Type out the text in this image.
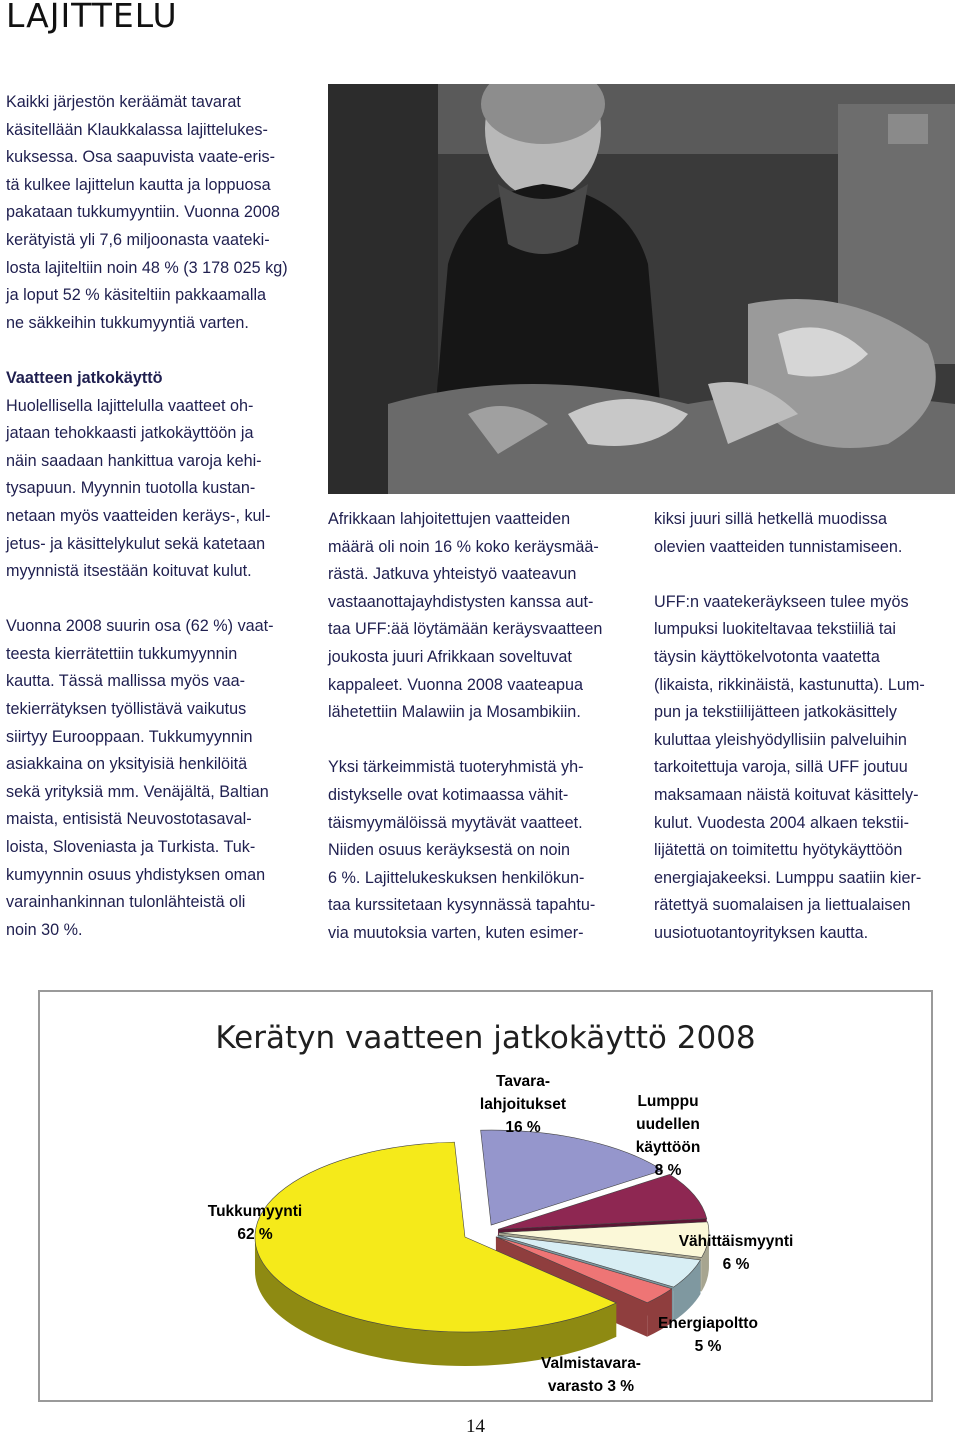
LAJITTELU
Kaikki järjestön keräämät tavarat
käsitellään Klaukkalassa lajittelukes-
kuksessa. Osa saapuvista vaate-eris-
tä kulkee lajittelun kautta ja loppuosa
pakataan tukkumyyntiin. Vuonna 2008
kerätyistä yli 7,6 miljoonasta vaateki-
losta lajiteltiin noin 48 % (3 178 025 kg)
ja loput 52 % käsiteltiin pakkaamalla
ne säkkeihin tukkumyyntiä varten.
Vaatteen jatkokäyttö
Huolellisella lajittelulla vaatteet oh-
jataan tehokkaasti jatkokäyttöön ja
näin saadaan hankittua varoja kehi-
tysapuun. Myynnin tuotolla kustan-
netaan myös vaatteiden keräys-, kul-
jetus- ja käsittelykulut sekä katetaan
myynnistä itsestään koituvat kulut.
Vuonna 2008 suurin osa (62 %) vaat-
teesta kierrätettiin tukkumyynnin
kautta. Tässä mallissa myös vaa-
tekierrätyksen työllistävä vaikutus
siirtyy Eurooppaan. Tukkumyynnin
asiakkaina on yksityisiä henkilöitä
sekä yrityksiä mm. Venäjältä, Baltian
maista, entisistä Neuvostotasaval-
loista, Sloveniasta ja Turkista. Tuk-
kumyynnin osuus yhdistyksen oman
varainhankinnan tulonlähteistä oli
noin 30 %.
Afrikkaan lahjoitettujen vaatteiden
määrä oli noin 16 % koko keräysmää-
rästä. Jatkuva yhteistyö vaateavun
vastaanottajayhdistysten kanssa aut-
taa UFF:ää löytämään keräysvaatteen
joukosta juuri Afrikkaan soveltuvat
kappaleet. Vuonna 2008 vaateapua
lähetettiin Malawiin ja Mosambikiin.
Yksi tärkeimmistä tuoteryhmistä yh-
distykselle ovat kotimaassa vähit-
täismyymälöissä myytävät vaatteet.
Niiden osuus keräyksestä on noin
6 %. Lajittelukeskuksen henkilökun-
taa kurssitetaan kysynnässä tapahtu-
via muutoksia varten, kuten esimer-
kiksi juuri sillä hetkellä muodissa
olevien vaatteiden tunnistamiseen.
UFF:n vaatekeräykseen tulee myös
lumpuksi luokiteltavaa tekstiiliä tai
täysin käyttökelvotonta vaatetta
(likaista, rikkinäistä, kastunutta). Lum-
pun ja tekstiilijätteen jatkokäsittely
kuluttaa yleishyödyllisiin palveluihin
tarkoitettuja varoja, sillä UFF joutuu
maksamaan näistä koituvat käsittely-
kulut. Vuodesta 2004 alkaen tekstii-
lijätettä on toimitettu hyötykäyttöön
energiajakeeksi. Lumppu saatiin kier-
rätettyä suomalaisen ja liettualaisen
uusiotuotantoyrityksen kautta.
Kerätyn vaatteen jatkokäyttö 2008
Tukkumyynti
62 %
Tavara-
lahjoitukset
16 %
Lumppu
uudellen
käyttöön
8 %
Vähittäismyynti
6 %
Energiapoltto
5 %
Valmistavara-
varasto 3 %
14
